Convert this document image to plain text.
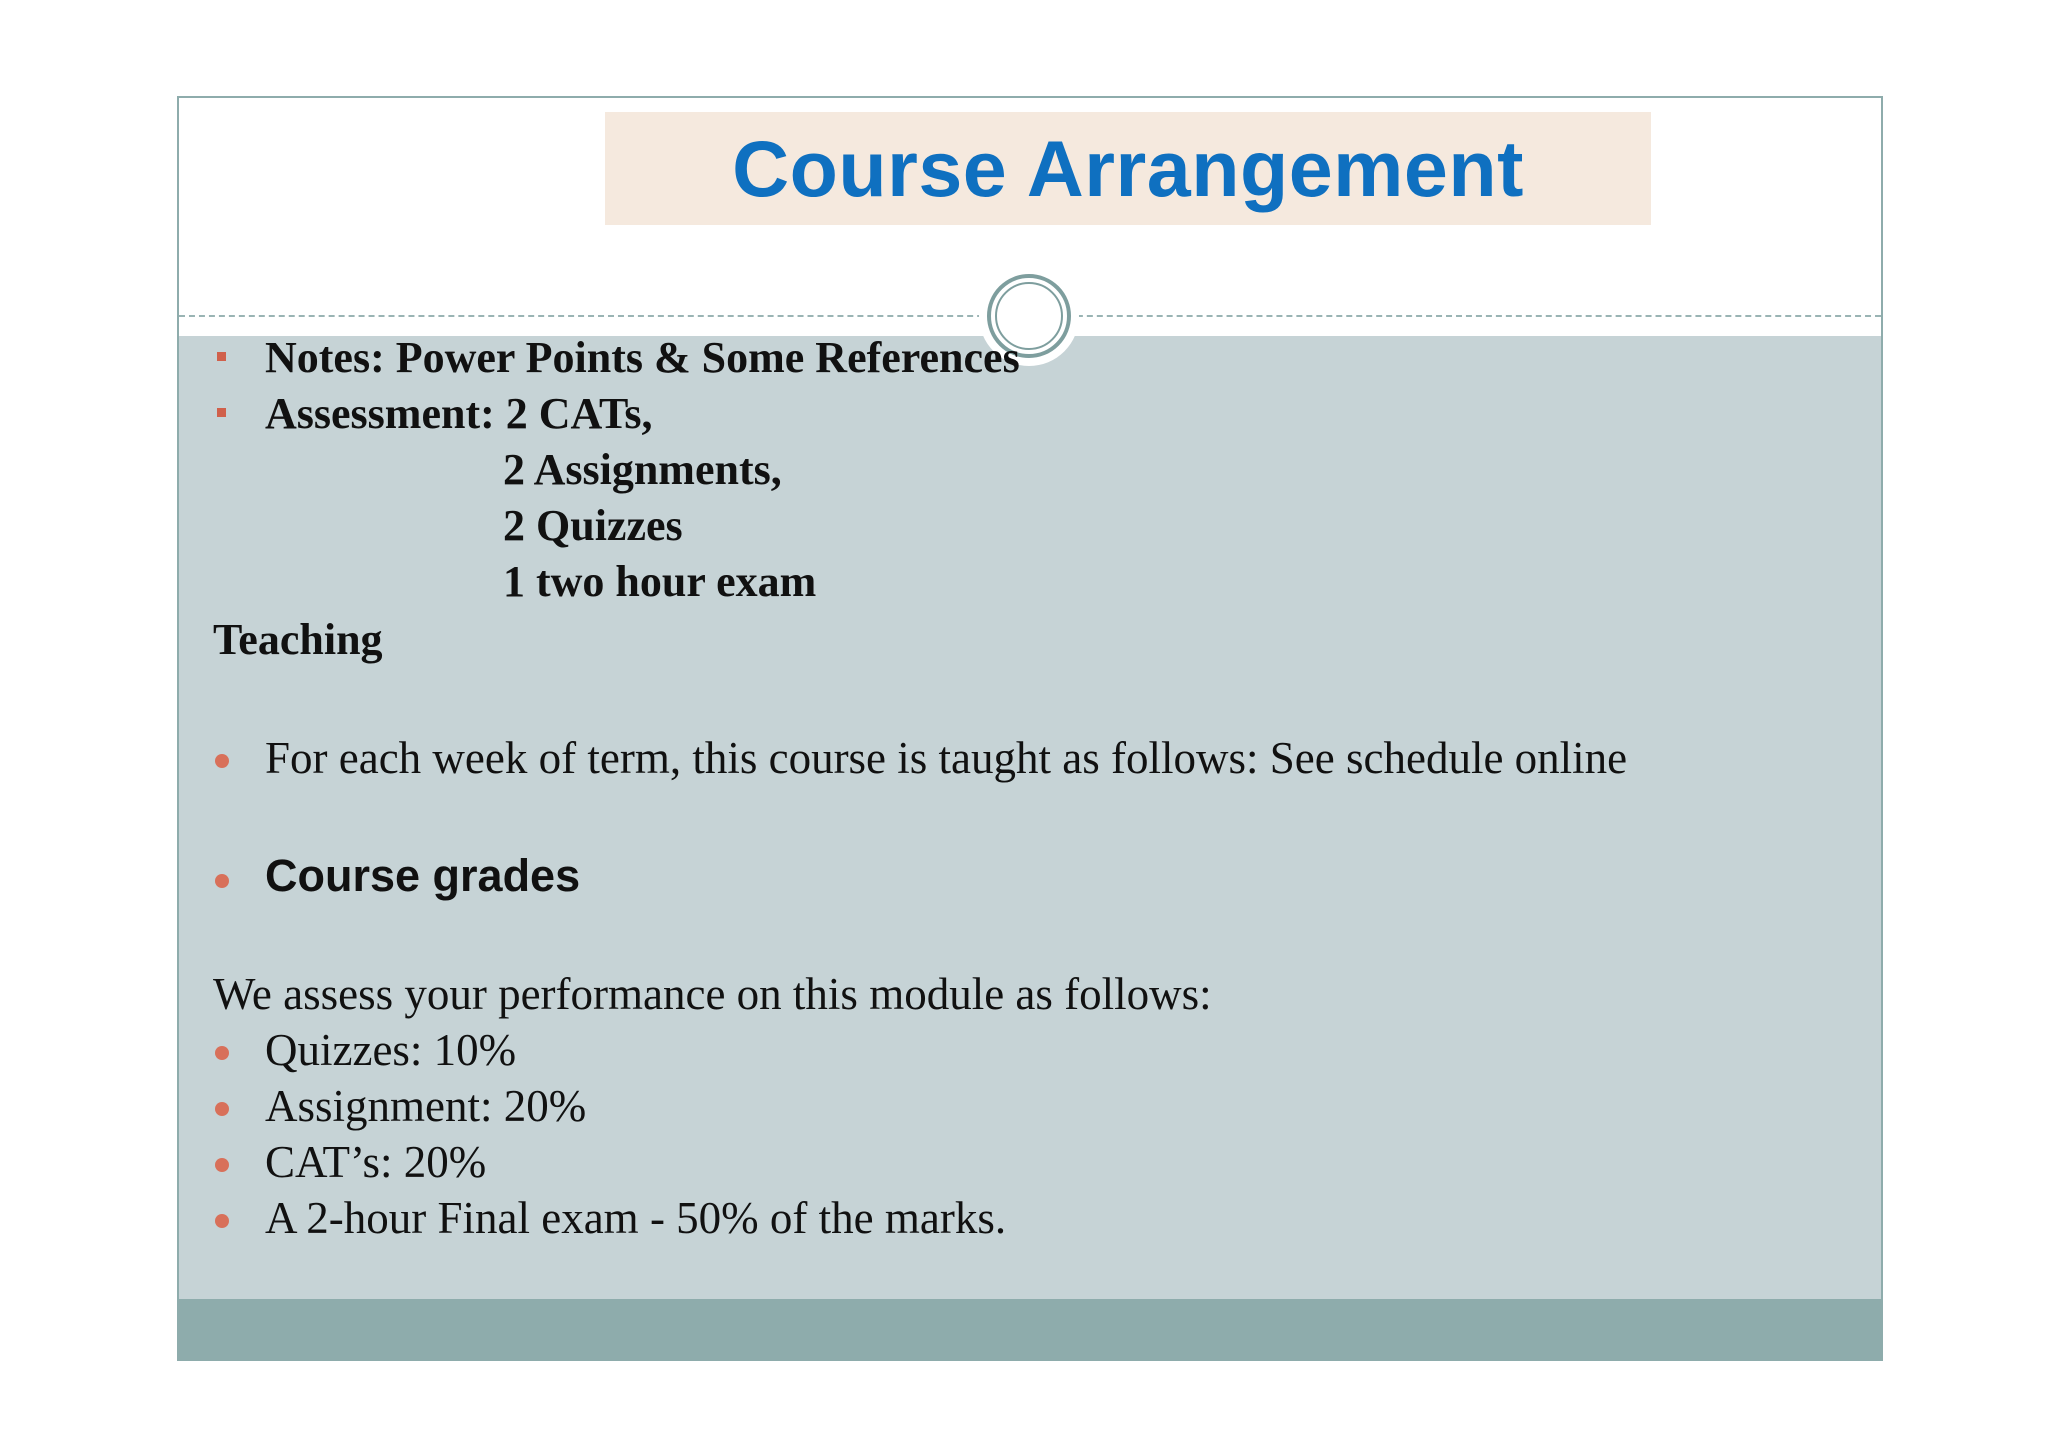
Course Arrangement
Notes: Power Points & Some References
Assessment: 2 CATs,
2 Assignments,
2 Quizzes
1 two hour exam
Teaching
For each week of term, this course is taught as follows: See schedule online
Course grades
We assess your performance on this module as follows:
Quizzes: 10%
Assignment: 20%
CAT’s: 20%
A 2-hour Final exam - 50% of the marks.
